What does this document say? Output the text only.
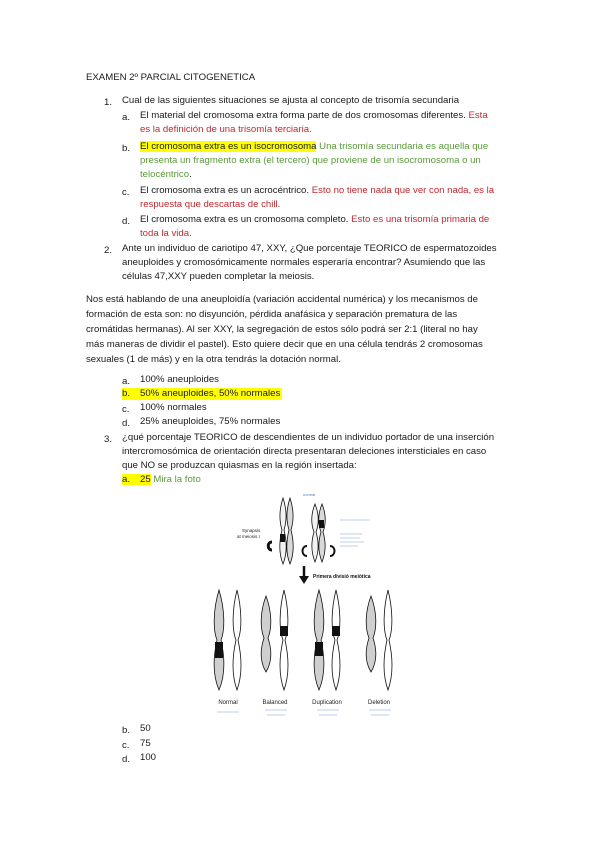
EXAMEN 2º PARCIAL CITOGENETICA
1.	Cual de las siguientes situaciones se ajusta al concepto de trisomía secundaria
a.	El material del cromosoma extra forma parte de dos cromosomas diferentes. Esta
es la definición de una trisomía terciaria.
b.	El cromosoma extra es un isocromosoma Una trisomía secundaria es aquella que
presenta un fragmento extra (el tercero) que proviene de un isocromosoma o un
telocéntrico.
c.	El cromosoma extra es un acrocéntrico. Esto no tiene nada que ver con nada, es la
respuesta que descartas de chill.
d.	El cromosoma extra es un cromosoma completo. Esto es una trisomía primaria de
toda la vida.
2.	Ante un individuo de cariotipo 47, XXY, ¿Que porcentaje TEORICO de espermatozoides
aneuploides y cromosómicamente normales esperaría encontrar? Asumiendo que las
células 47,XXY pueden completar la meiosis.
Nos está hablando de una aneuploidía (variación accidental numérica) y los mecanismos de
formación de esta son: no disyunción, pérdida anafásica y separación prematura de las
cromátidas hermanas). Al ser XXY, la segregación de estos sólo podrá ser 2:1 (literal no hay
más maneras de dividir el pastel). Esto quiere decir que en una célula tendrás 2 cromosomas
sexuales (1 de más) y en la otra tendrás la dotación normal.
a.	100% aneuploides
b. 50% aneuploides, 50% normales
c.	100% normales
d.	25% aneuploides, 75% normales
3.	¿qué porcentaje TEORICO de descendientes de un individuo portador de una inserción
intercromosómica de orientación directa presentaran deleciones intersticiales en caso
que NO se produzcan quiasmas en la región insertada:
a. 25 Mira la foto
Synapsis
at meiosis I
normal
Primera divisió meiòtica
Normal	Balanced	Duplication	Deletion
b.	50
c.	75
d.	100
